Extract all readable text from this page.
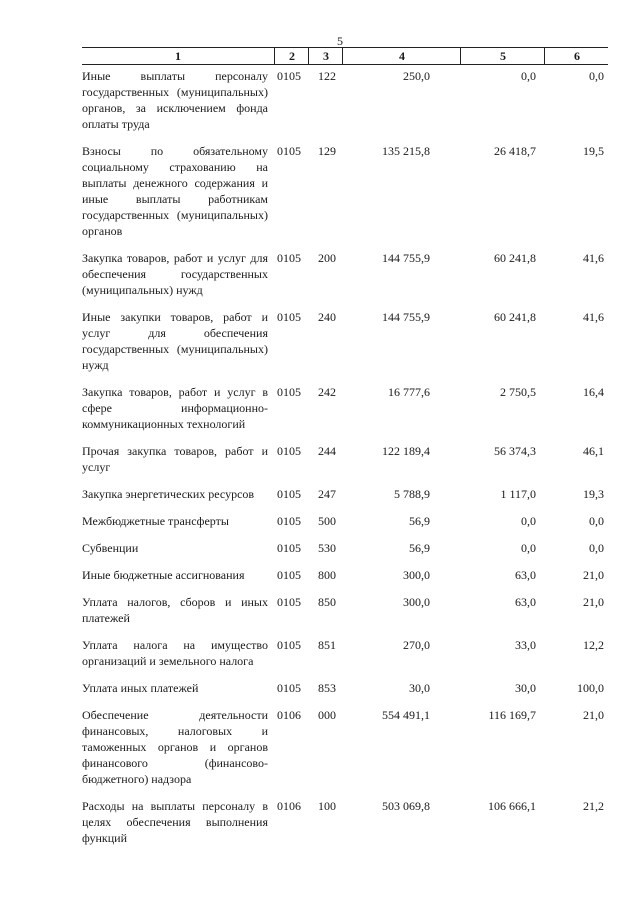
5
1	2	3	4	5	6
Иные выплаты персоналу государственных (муниципальных) органов, за исключением фонда оплаты труда
0105	122	250,0	0,0	0,0
Взносы по обязательному социальному страхованию на выплаты денежного содержания и иные выплаты работникам государственных (муниципальных) органов
0105	129	135 215,8	26 418,7	19,5
Закупка товаров, работ и услуг для обеспечения государственных (муниципальных) нужд
0105	200	144 755,9	60 241,8	41,6
Иные закупки товаров, работ и услуг для обеспечения государственных (муниципальных) нужд
0105	240	144 755,9	60 241,8	41,6
Закупка товаров, работ и услуг в сфере информационно-коммуникационных технологий
0105	242	16 777,6	2 750,5	16,4
Прочая закупка товаров, работ и услуг
0105	244	122 189,4	56 374,3	46,1
Закупка энергетических ресурсов	0105	247	5 788,9	1 117,0	19,3
Межбюджетные трансферты	0105	500	56,9	0,0	0,0
Субвенции	0105	530	56,9	0,0	0,0
Иные бюджетные ассигнования	0105	800	300,0	63,0	21,0
Уплата налогов, сборов и иных платежей
0105	850	300,0	63,0	21,0
Уплата налога на имущество организаций и земельного налога
0105	851	270,0	33,0	12,2
Уплата иных платежей	0105	853	30,0	30,0	100,0
Обеспечение деятельности финансовых, налоговых и таможенных органов и органов финансового (финансово-бюджетного) надзора
0106	000	554 491,1	116 169,7	21,0
Расходы на выплаты персоналу в целях обеспечения выполнения функций
0106	100	503 069,8	106 666,1	21,2
